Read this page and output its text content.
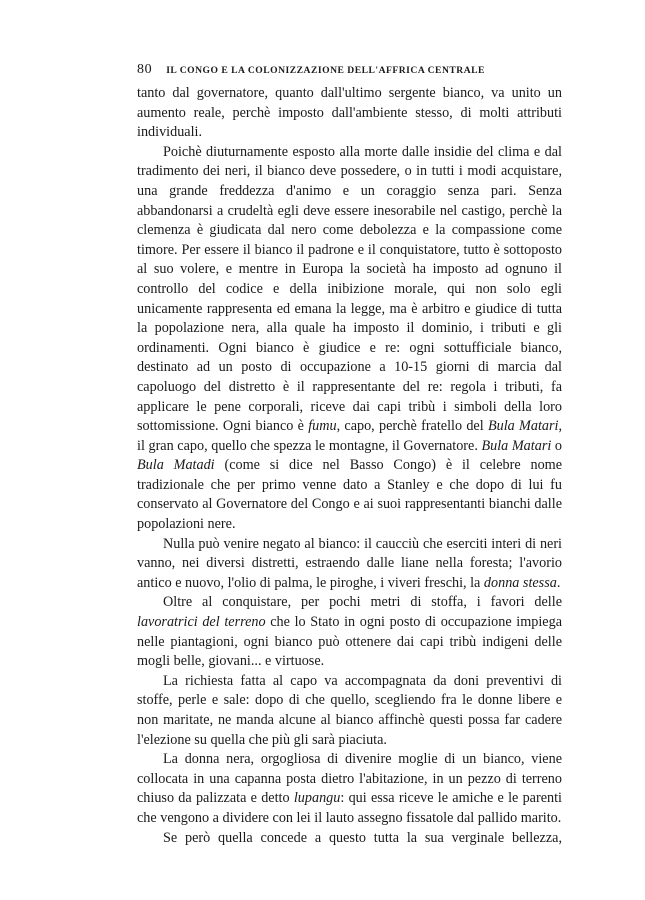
80 IL CONGO E LA COLONIZZAZIONE DELL'AFFRICA CENTRALE

tanto dal governatore, quanto dall'ultimo sergente bianco, va unito un aumento reale, perchè imposto dall'ambiente stesso, di molti attributi individuali.

Poichè diuturnamente esposto alla morte dalle insidie del clima e dal tradimento dei neri, il bianco deve possedere, o in tutti i modi acquistare, una grande freddezza d'animo e un coraggio senza pari. Senza abbandonarsi a crudeltà egli deve essere inesorabile nel castigo, perchè la clemenza è giudicata dal nero come debolezza e la compassione come timore. Per essere il bianco il padrone e il conquistatore, tutto è sottoposto al suo volere, e mentre in Europa la società ha imposto ad ognuno il controllo del codice e della inibizione morale, qui non solo egli unicamente rappresenta ed emana la legge, ma è arbitro e giudice di tutta la popolazione nera, alla quale ha imposto il dominio, i tributi e gli ordinamenti. Ogni bianco è giudice e re: ogni sottufficiale bianco, destinato ad un posto di occupazione a 10-15 giorni di marcia dal capoluogo del distretto è il rappresentante del re: regola i tributi, fa applicare le pene corporali, riceve dai capi tribù i simboli della loro sottomissione. Ogni bianco è fumu, capo, perchè fratello del Bula Matari, il gran capo, quello che spezza le montagne, il Governatore. Bula Matari o Bula Matadi (come si dice nel Basso Congo) è il celebre nome tradizionale che per primo venne dato a Stanley e che dopo di lui fu conservato al Governatore del Congo e ai suoi rappresentanti bianchi dalle popolazioni nere.

Nulla può venire negato al bianco: il caucciù che eserciti interi di neri vanno, nei diversi distretti, estraendo dalle liane nella foresta; l'avorio antico e nuovo, l'olio di palma, le piroghe, i viveri freschi, la donna stessa.

Oltre al conquistare, per pochi metri di stoffa, i favori delle lavoratrici del terreno che lo Stato in ogni posto di occupazione impiega nelle piantagioni, ogni bianco può ottenere dai capi tribù indigeni delle mogli belle, giovani... e virtuose.

La richiesta fatta al capo va accompagnata da doni preventivi di stoffe, perle e sale: dopo di che quello, scegliendo fra le donne libere e non maritate, ne manda alcune al bianco affinchè questi possa far cadere l'elezione su quella che più gli sarà piaciuta.

La donna nera, orgogliosa di divenire moglie di un bianco, viene collocata in una capanna posta dietro l'abitazione, in un pezzo di terreno chiuso da palizzata e detto lupangu: qui essa riceve le amiche e le parenti che vengono a dividere con lei il lauto assegno fissatole dal pallido marito.

Se però quella concede a questo tutta la sua verginale bellezza,
